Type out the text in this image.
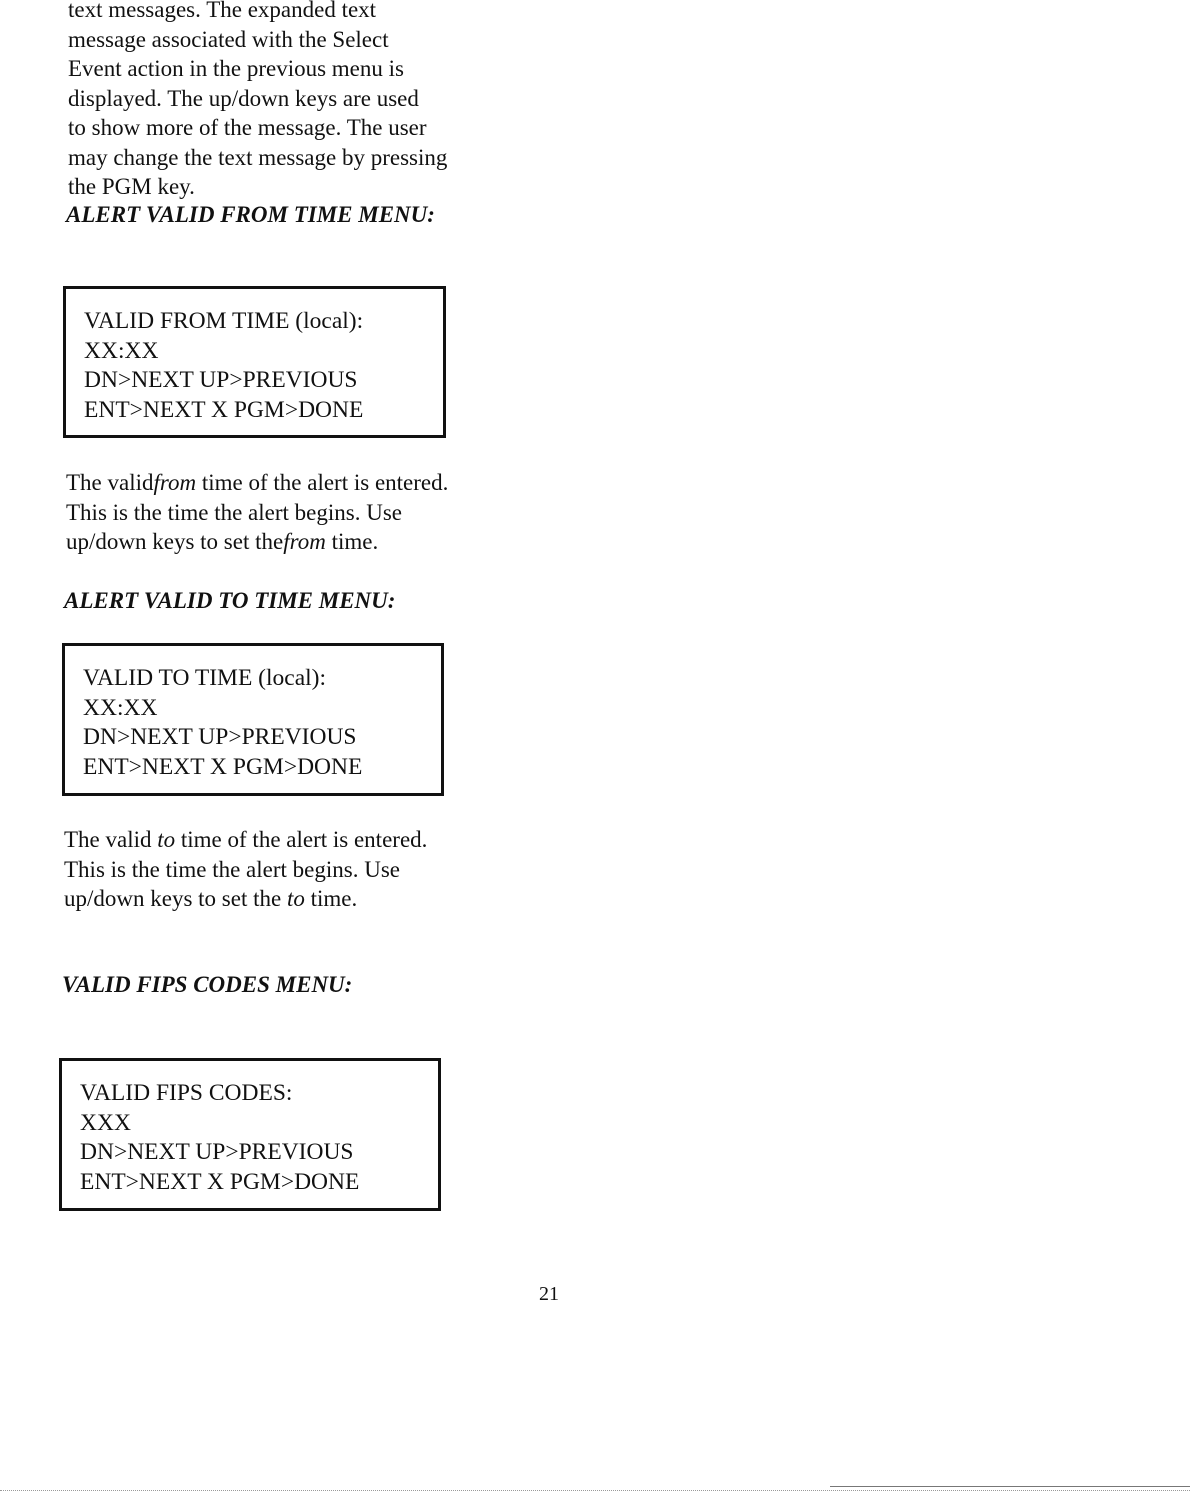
text messages. The expanded text
message associated with the Select
Event action in the previous menu is
displayed. The up/down keys are used
to show more of the message. The user
may change the text message by pressing
the PGM key.
ALERT VALID FROM TIME MENU:
VALID FROM TIME (local):
XX:XX
DN>NEXT UP>PREVIOUS
ENT>NEXT X PGM>DONE
The validfrom time of the alert is entered.
This is the time the alert begins. Use
up/down keys to set thefrom time.
ALERT VALID TO TIME MENU:
VALID TO TIME (local):
XX:XX
DN>NEXT UP>PREVIOUS
ENT>NEXT X PGM>DONE
The valid to time of the alert is entered.
This is the time the alert begins. Use
up/down keys to set the to time.
VALID FIPS CODES MENU:
VALID FIPS CODES:
XXX
DN>NEXT UP>PREVIOUS
ENT>NEXT X PGM>DONE
21
